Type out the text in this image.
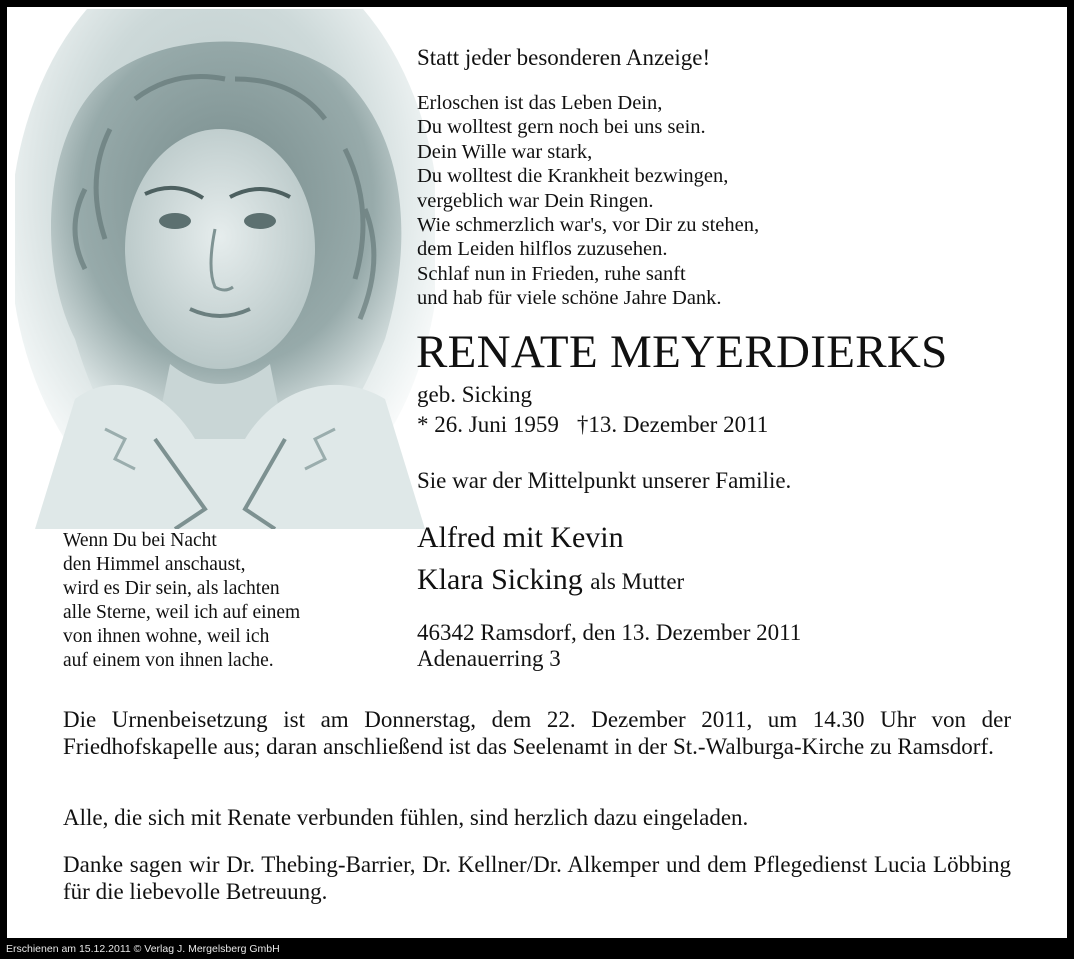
Statt jeder besonderen Anzeige!
Erloschen ist das Leben Dein,
Du wolltest gern noch bei uns sein.
Dein Wille war stark,
Du wolltest die Krankheit bezwingen,
vergeblich war Dein Ringen.
Wie schmerzlich war's, vor Dir zu stehen,
dem Leiden hilflos zuzusehen.
Schlaf nun in Frieden, ruhe sanft
und hab für viele schöne Jahre Dank.
RENATE MEYERDIERKS
geb. Sicking
* 26. Juni 1959 †13. Dezember 2011
Sie war der Mittelpunkt unserer Familie.
Alfred mit Kevin
Klara Sicking als Mutter
46342 Ramsdorf, den 13. Dezember 2011
Adenauerring 3
Wenn Du bei Nacht
den Himmel anschaust,
wird es Dir sein, als lachten
alle Sterne, weil ich auf einem
von ihnen wohne, weil ich
auf einem von ihnen lache.
Die Urnenbeisetzung ist am Donnerstag, dem 22. Dezember 2011, um 14.30 Uhr von der Friedhofskapelle aus; daran anschließend ist das Seelenamt in der St.-Walburga-Kirche zu Ramsdorf.
Alle, die sich mit Renate verbunden fühlen, sind herzlich dazu eingeladen.
Danke sagen wir Dr. Thebing-Barrier, Dr. Kellner/Dr. Alkemper und dem Pflegedienst Lucia Löbbing für die liebevolle Betreuung.
Erschienen am 15.12.2011 © Verlag J. Mergelsberg GmbH
